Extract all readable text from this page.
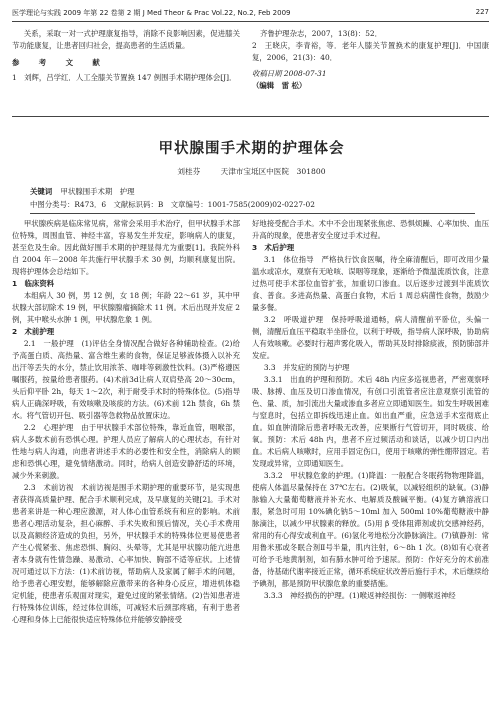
医学理论与实践 2009 年第 22 卷第 2 期 J Med Theor & Prac Vol.22, No.2, Feb 2009	227

关系，采取一对一式护理康复指导，消除不良影响因素，促进膝关节功能康复，让患者回归社会，提高患者的生活质量。

参　考　文　献

1　刘辉，吕学红．人工全膝关节置换 147 例围手术期护理体会[J]．

齐鲁护理杂志，2007，13(8)：52．

2　王晓庆，李青裕，等．老年人膝关节置换术的康复护理[J]．中国康复，2006，21(3)：40．

收稿日期 2008-07-31

（编辑　雷 松）

甲状腺围手术期的护理体会
刘桂芬	天津市宝坻区中医院　301800
关键词 甲状腺围手术期　护理
中图分类号：R473．6　文献标识码：B　文章编号：1001-7585(2009)02-0227-02

甲状腺疾病是临床常见病，常常会采用手术治疗，但甲状腺手术部位特殊，周围血管、神经丰富，容易发生并发症，影响病人的康复，甚至危及生命。因此做好围手术期的护理显得尤为重要[1]。我院外科自 2004 年－2008 年共施行甲状腺手术 30 例，均顺利康复出院。现将护理体会总结如下。

1　临床资料

本组病人 30 例，男 12 例，女 18 例；年龄 22～61 岁，其中甲状腺大部切除术 19 例，甲状腺腺瘤摘除术 11 例。术后出现并发症 2 例，其中喉头水肿 1 例，甲状腺危象 1 例。

2　术前护理

2.1　一般护理　(1)评估全身情况配合做好各种辅助检查。(2)给予高蛋白质、高热量、富含维生素的食物，保证足够液体摄入以补充出汗等丢失的水分，禁止饮用浓茶、咖啡等刺激性饮料。(3)严格遵医嘱服药，按量给患者服药。(4)术前3d让病人双肩垫高 20～30cm，头后仰平卧 2h，每天 1～2次，利于耐受手术时的特殊体位。(5)指导病人正确深呼吸，有效咳嗽及咳痰的方法。(6)术前 12h 禁食，6h 禁水。将气管切开包、吸引器等急救物品放置床边。

2.2　心理护理　由于甲状腺手术部位特殊，靠近血管，咽喉部，病人多数术前有恐惧心理。护理人员应了解病人的心理状态，有针对性地与病人沟通，向患者讲述手术的必要性和安全性，消除病人的顾虑和恐惧心理，避免情绪激动。同时，给病人创造安静舒适的环境，减少外来刺激。

2.3　术前访视　术前访视是围手术期护理的重要环节，是实现患者获得高质量护理、配合手术顺利完成，及早康复的关键[2]。手术对患者来讲是一种心理应激源，对人体心血管系统有和应的影响。术前患者心理活动复杂，担心麻醉、手术失败和预后情况，关心手术费用以及高额经济造成的负担，另外，甲状腺手术的特殊体位更易使患者产生心慌紧张、焦虑恐惧、胸闷、头晕等，尤其是甲状腺功能亢进患者本身就有性情急躁、易激动、心率加快、胸部不适等症状。上述情况可通过以下方法：(1)术前访视，帮助病人及家属了解手术的问题，给予患者心理安慰，能够解除应激带来的各种身心反应，增进机体稳定机能，使患者乐观面对现实，避免过度的紧张情绪。(2)告知患者进行特殊体位训练，经过体位训练，可减轻术后颈部疼痛，有利于患者心理和身体上已能很快适应特殊体位并能够安静接受

好地接受配合手术。术中不会出现紧张焦虑、恐惧烦躁、心率加快、血压升高的现象，使患者安全度过手术过程。

3　术后护理

3.1　体位指导　严格执行饮食医嘱，待全麻清醒后，即可改用少量温水或凉水，观察有无呛咳、误咽等现象，逐渐给予微温流质饮食，注意过热可使手术部位血管扩张，加重切口渗血。以后逐步过渡到半流质饮食、普食。多进高热量、高蛋白食物，术后 1 周总病菌性食物，鼓励少量多餐。

3.2　呼吸道护理　保持呼吸道通畅，病人清醒前平卧位，头偏一侧，清醒后血压平稳取半坐卧位，以利于呼吸，指导病人深呼吸，协助病人有效咳嗽。必要时行超声雾化吸入，帮助其及时排除痰液，预防肺部并发症。

3.3　并发症的预防与护理

3.3.1　出血的护理和预防。术后 48h 内应多巡视患者，严密观察呼吸、脉搏、血压及切口渗血情况，有创口引流管者应注意观察引流管的色、量、质，加引流出大量或渗血多者应立即通知医生。如发生呼吸困难与窒息时，包括立即拆线迅速止血。如出血严重，应急送手术室彻底止血。如血肿清除后患者呼吸无改善，应果断行气管切开，同时吸痰、给氧。预防：术后 48h 内，患者不应过频活动和谈话，以减少切口内出血。术后病人咳嗽时，应用手固定伤口，使用于咳嗽的弹性绷带固定。若发现或异常，立即通知医生。

3.3.2　甲状腺危象的护理。(1)降温：一般配合冬眠药物物理降温，使病人体温尽量保持在 37℃左右。(2)吸氧，以减轻组织的缺氧。(3)静脉输入大量葡萄糖液并补充水、电解质及酸碱平衡。(4)复方碘溶液口服，紧急时可用 10%碘化钠5～10ml 加入 500ml 10%葡萄糖液中静脉滴注，以减少甲状腺素的释放。(5)用 β 受体阻滞剂或抗交感神经药，常用的有心得安或利血平。(6)氢化考地松分次静脉滴注。(7)镇静剂：常用鲁米那或冬眠合剂Ⅱ号半量，肌内注射，6～8h 1 次。(8)如有心衰者可给予毛地黄制剂，如有肺水肿可给予速尿。预防：作好充分的术前准备，待基础代谢率接近正常，循环系统症状改善后施行手术，术后继续给予碘剂，都是预防甲状腺危象的重要措施。

3.3.3　神经损伤的护理。(1)喉返神经损伤：一侧喉返神经
